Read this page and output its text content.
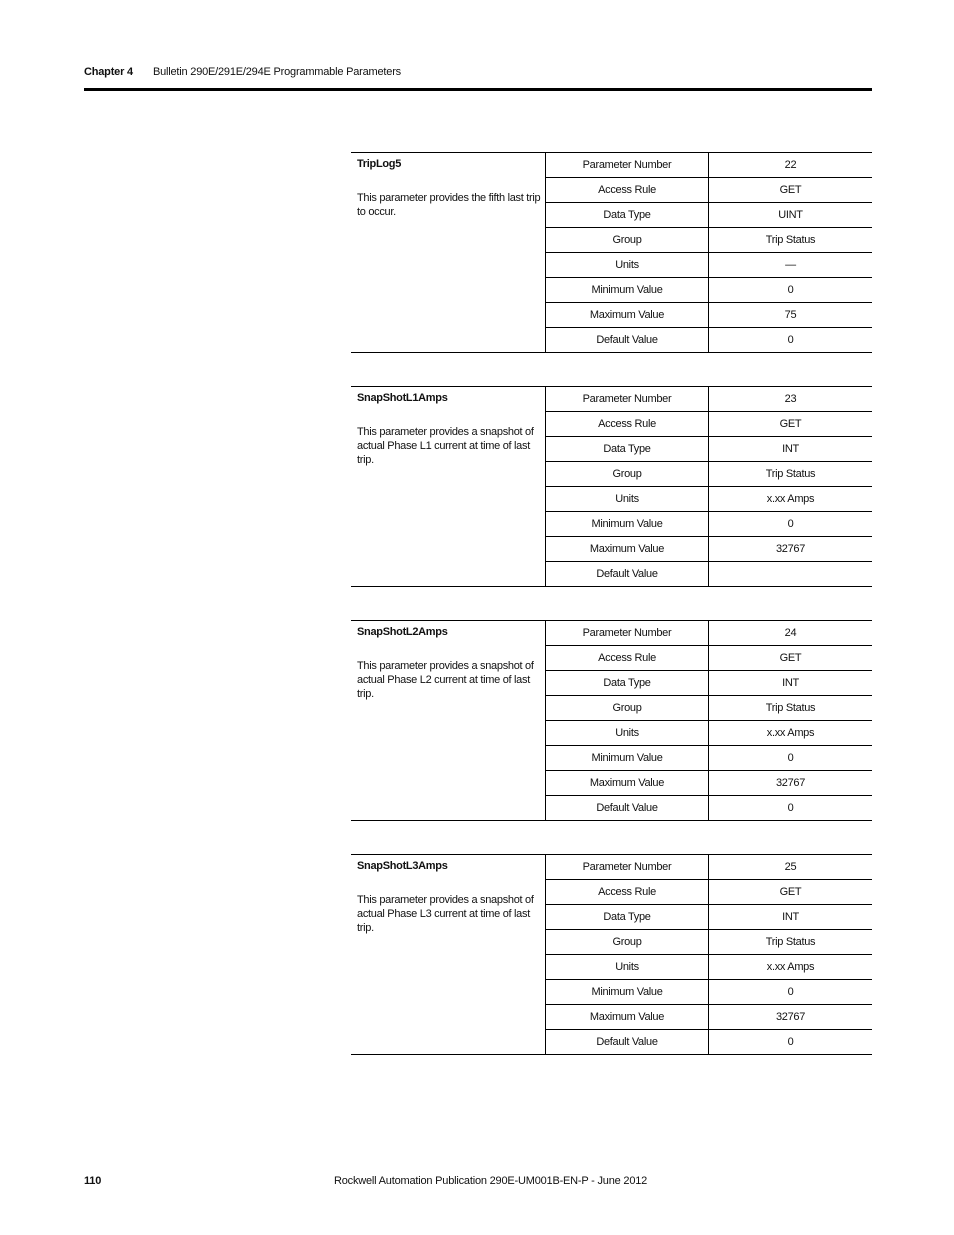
Chapter 4 Bulletin 290E/291E/294E Programmable Parameters
TripLog5
This parameter provides the fifth last trip to occur.
Parameter Number	22
Access Rule	GET
Data Type	UINT
Group	Trip Status
Units	—
Minimum Value	0
Maximum Value	75
Default Value	0
SnapShotL1Amps
This parameter provides a snapshot of actual Phase L1 current at time of last trip.
Parameter Number	23
Access Rule	GET
Data Type	INT
Group	Trip Status
Units	x.xx Amps
Minimum Value	0
Maximum Value	32767
Default Value	
SnapShotL2Amps
This parameter provides a snapshot of actual Phase L2 current at time of last trip.
Parameter Number	24
Access Rule	GET
Data Type	INT
Group	Trip Status
Units	x.xx Amps
Minimum Value	0
Maximum Value	32767
Default Value	0
SnapShotL3Amps
This parameter provides a snapshot of actual Phase L3 current at time of last trip.
Parameter Number	25
Access Rule	GET
Data Type	INT
Group	Trip Status
Units	x.xx Amps
Minimum Value	0
Maximum Value	32767
Default Value	0
110	Rockwell Automation Publication 290E-UM001B-EN-P - June 2012
